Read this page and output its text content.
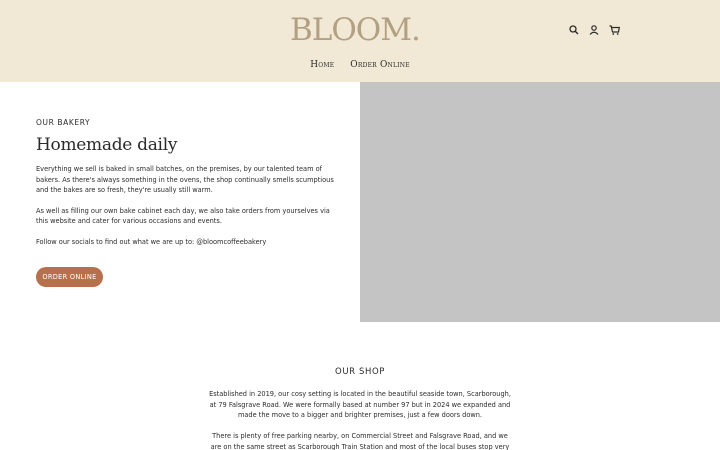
BLOOM.
Home Order Online
OUR BAKERY
Homemade daily

Everything we sell is baked in small batches, on the premises, by our talented team of bakers. As there's always something in the ovens, the shop continually smells scumptious and the bakes are so fresh, they're usually still warm.

As well as filling our own bake cabinet each day, we also take orders from yourselves via this website and cater for various occasions and events.

Follow our socials to find out what we are up to: @bloomcoffeebakery

ORDER ONLINE
OUR SHOP

Established in 2019, our cosy setting is located in the beautiful seaside town, Scarborough, at 79 Falsgrave Road. We were formally based at number 97 but in 2024 we expanded and made the move to a bigger and brighter premises, just a few doors down.

There is plenty of free parking nearby, on Commercial Street and Falsgrave Road, and we are on the same street as Scarborough Train Station and most of the local buses stop very
